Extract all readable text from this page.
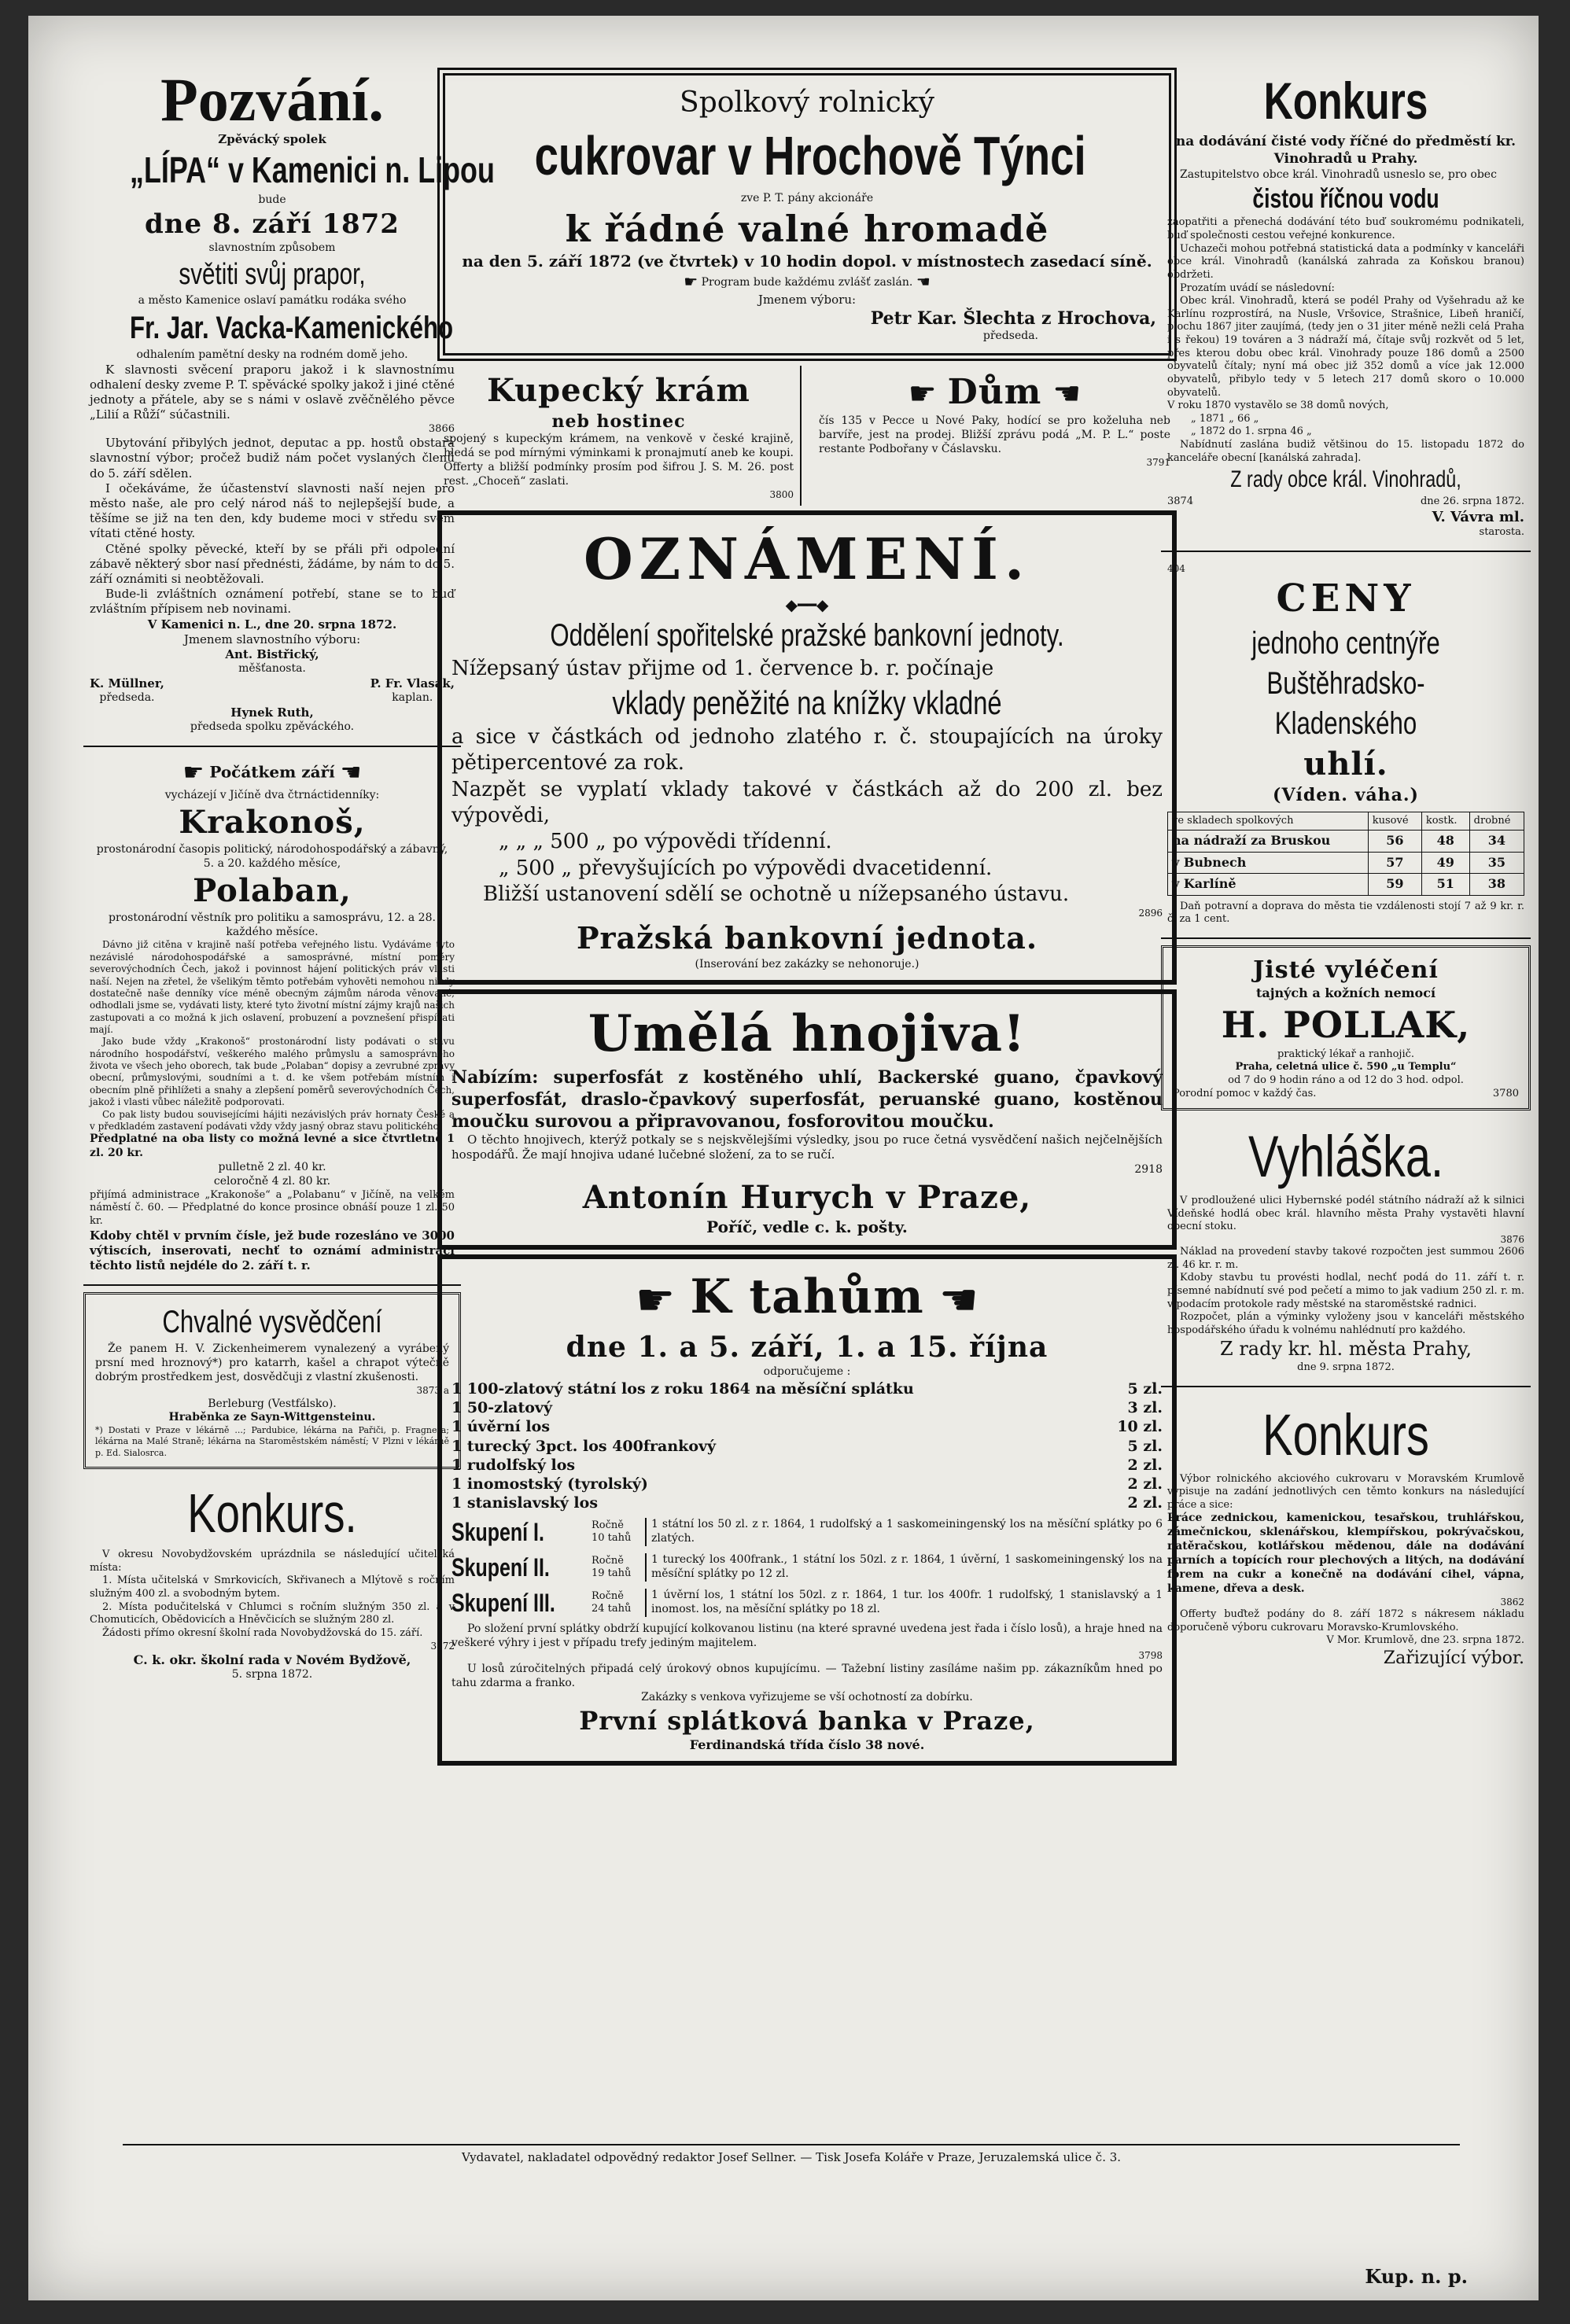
Pozvání.
Zpěvácký spolek
„LÍPA“ v Kamenici n. Lipou
bude
dne 8. září 1872
slavnostním způsobem
světiti svůj prapor,
a město Kamenice oslaví památku rodáka svého
Fr. Jar. Vacka-Kamenického
odhalením pamětní desky na rodném domě jeho.

K slavnosti svěcení praporu jakož i k slavnostnímu odhalení desky zveme P. T. spěvácké spolky jakož i jiné ctěné jednoty a přátele, aby se s námi v oslavě zvěčnělého pěvce „Lilií a Růží“ súčastnili.

3866

Ubytování přibylých jednot, deputac a pp. hostů obstará slavnostní výbor; pročež budiž nám počet vyslaných členů do 5. září sdělen.

I očekáváme, že účastenství slavnosti naší nejen pro město naše, ale pro celý národ náš to nejlepšejší bude, a těšíme se již na ten den, kdy budeme moci v středu svém vítati ctěné hosty.

Ctěné spolky pěvecké, kteří by se přáli při odpolední zábavě některý sbor nasí přednésti, žádáme, by nám to do 5. září oznámiti si neobtěžovali.

Bude-li zvláštních oznámení potřebí, stane se to buď zvláštním přípisem neb novinami.

V Kamenici n. L., dne 20. srpna 1872.
Jmenem slavnostního výboru:
Ant. Bistřický,
měšťanosta.
K. Müllner,
předseda.
P. Fr. Vlasák,
kaplan.
Hynek Ruth,
předseda spolku zpěváckého.
☛ Počátkem září ☚
vycházejí v Jičíně dva čtrnáctidenníky:
Krakonoš,
prostonárodní časopis politický, národohospodářský a zábavný, 5. a 20. každého měsíce,
Polaban,
prostonárodní věstník pro politiku a samosprávu, 12. a 28. každého měsíce.

Dávno již citěna v krajině naší potřeba veřejného listu. Vydáváme tyto nezávislé národohospodářské a samosprávné, místní poměry severovýchodních Čech, jakož i povinnost hájení politických práv vlasti naší. Nejen na zřetel, že všelikým těmto potřebám vyhověti nemohou nikdy dostatečně naše denníky více méně obecným zájmům národa věnované, odhodlali jsme se, vydávati listy, které tyto životní místní zájmy krajů našich zastupovati a co možná k jich oslavení, probuzení a povznešení přispívati mají.

Jako bude vždy „Krakonoš“ prostonárodní listy podávati o stavu národního hospodářství, veškerého malého průmyslu a samosprávného života ve všech jeho oborech, tak bude „Polaban“ dopisy a zevrubné zprávy obecní, průmyslovými, soudními a t. d. ke všem potřebám místním i obecním plně přihlížeti a snahy a zlepšení poměrů severovýchodních Čech, jakož i vlasti vůbec náležitě podporovati.

Co pak listy budou souvisejícími hájiti nezávislých práv hornaty České a v předkladém zastavení podávati vždy vždy jasný obraz stavu politického.

Předplatné na oba listy co možná levné a sice čtvrtletně 1 zl. 20 kr.

pulletně 2 zl. 40 kr.

celoročně 4 zl. 80 kr.

přijímá administrace „Krakonoše“ a „Polabanu“ v Jičíně, na velkém náměstí č. 60. — Předplatné do konce prosince obnáší pouze 1 zl. 50 kr.

Kdoby chtěl v prvním čísle, jež bude rozesláno ve 3000 výtiscích, inserovati, nechť to oznámí administraci těchto listů nejdéle do 2. září t. r.

Chvalné vysvědčení

Že panem H. V. Zickenheimerem vynalezený a vyrábený prsní med hroznový*) pro katarrh, kašel a chrapot výtečně dobrým prostředkem jest, dosvědčuji z vlastní zkušenosti.

3873 a
Berleburg (Vestfálsko).
Hraběnka ze Sayn-Wittgensteinu.

*) Dostati v Praze v lékárně ...; Pardubice, lékárna na Pařiči, p. Fragnera; lékárna na Malé Straně; lékárna na Staroměstském náměstí; V Plzni v lékárně p. Ed. Sialosrca.

Konkurs.

V okresu Novobydžovském uprázdnila se následující učitelská místa:

1. Místa učitelská v Smrkovicích, Skřivanech a Mlýtově s ročním služným 400 zl. a svobodným bytem.

2. Místa podučitelská v Chlumci s ročním služným 350 zl. a v Chomuticích, Obědovicích a Hněvčicích se služným 280 zl.

Žádosti přímo okresní školní rada Novobydžovská do 15. září.

3872
C. k. okr. školní rada v Novém Bydžově,
5. srpna 1872.
Spolkový rolnický
cukrovar v Hrochově Týnci
zve P. T. pány akcionáře
k řádné valné hromadě
na den 5. září 1872 (ve čtvrtek) v 10 hodin dopol. v místnostech zasedací síně.
☛ Program bude každému zvlášť zaslán. ☚
Jmenem výboru:
Petr Kar. Šlechta z Hrochova,
předseda.
Kupecký krám
neb hostinec

spojený s kupeckým krámem, na venkově v české krajině, hledá se pod mírnými výminkami k pronajmutí aneb ke koupi. Offerty a bližší podmínky prosím pod šifrou J. S. M. 26. post rest. „Choceň“ zaslati.

3800
☛ Dům ☚

čís 135 v Pecce u Nové Paky, hodící se pro koželuha neb barvíře, jest na prodej. Bližší zprávu podá „M. P. L.“ poste restante Podbořany v Čáslavsku.

3791
OZNÁMENÍ.
◆━━◆
Oddělení spořitelské pražské bankovní jednoty.

Nížepsaný ústav přijme od 1. července b. r. počínaje

vklady peněžité na knížky vkladné

a sice v částkách od jednoho zlatého r. č. stoupajících na úroky pětipercentové za rok.

Nazpět se vyplatí vklady takové v částkách až do 200 zl. bez výpovědi,

„ „ „ 500 „ po výpovědi třídenní.

„ 500 „ převyšujících po výpovědi dvacetidenní.

Bližší ustanovení sdělí se ochotně u nížepsaného ústavu.

2896
Pražská bankovní jednota.
(Inserování bez zakázky se nehonoruje.)
Umělá hnojiva!

Nabízím: superfosfát z kostěného uhlí, Backerské guano, čpavkový superfosfát, draslo-čpavkový superfosfát, peruanské guano, kostěnou moučku surovou a připravovanou, fosforovitou moučku.

O těchto hnojivech, kterýž potkaly se s nejskvělejšími výsledky, jsou po ruce četná vysvědčení našich nejčelnějších hospodářů. Že mají hnojiva udané lučebné složení, za to se ručí.

2918
Antonín Hurych v Praze,
Poříč, vedle c. k. pošty.
☛ K tahům ☚
dne 1. a 5. září, 1. a 15. října
odporučujeme :
1 100-zlatový státní los z roku 1864 na měsíční splátku	5 zl.
1 50-zlatový	3 zl.
1 úvěrní los	10 zl.
1 turecký 3pct. los 400frankový	5 zl.
1 rudolfský los	2 zl.
1 inomostský (tyrolský)	2 zl.
1 stanislavský los	2 zl.
Skupení I.	Ročně 10 tahů
1 státní los 50 zl. z r. 1864, 1 rudolfský a 1 saskomeiningenský los na měsíční splátky po 6 zlatých.
Skupení II.	Ročně 19 tahů
1 turecký los 400frank., 1 státní los 50zl. z r. 1864, 1 úvěrní, 1 saskomeiningenský los na měsíční splátky po 12 zl.
Skupení III.	Ročně 24 tahů
1 úvěrní los, 1 státní los 50zl. z r. 1864, 1 tur. los 400fr. 1 rudolfský, 1 stanislavský a 1 inomost. los, na měsíční splátky po 18 zl.

Po složení první splátky obdrží kupující kolkovanou listinu (na které spravné uvedena jest řada i číslo losů), a hraje hned na veškeré výhry i jest v případu trefy jediným majitelem.

3798

U losů zúročitelných připadá celý úrokový obnos kupujícímu. — Tažební listiny zasíláme našim pp. zákazníkům hned po tahu zdarma a franko.

Zakázky s venkova vyřizujeme se vší ochotností za dobírku.

První splátková banka v Praze,
Ferdinandská třída číslo 38 nové.
Konkurs
na dodávání čisté vody říčné do předměstí kr. Vinohradů u Prahy.

Zastupitelstvo obce král. Vinohradů usneslo se, pro obec

čistou říčnou vodu

zaopatřiti a přenechá dodávání této buď soukromému podnikateli, buď společnosti cestou veřejné konkurence.

Uchazeči mohou potřebná statistická data a podmínky v kanceláři obce král. Vinohradů (kanálská zahrada za Koňskou branou) obdržeti.

Prozatím uvádí se následovní:

Obec král. Vinohradů, která se podél Prahy od Vyšehradu až ke Karlínu rozprostírá, na Nusle, Vršovice, Strašnice, Libeň hraničí, plochu 1867 jiter zaujímá, (tedy jen o 31 jiter méně nežli celá Praha i s řekou) 19 továren a 3 nádraží má, čítaje svůj rozkvět od 5 let, přes kterou dobu obec král. Vinohrady pouze 186 domů a 2500 obyvatelů čítaly; nyní má obec již 352 domů a více jak 12.000 obyvatelů, přibylo tedy v 5 letech 217 domů skoro o 10.000 obyvatelů.

V roku 1870 vystavělo se 38 domů nových,

„ 1871 „ 66 „

„ 1872 do 1. srpna 46 „

Nabídnutí zaslána budiž většinou do 15. listopadu 1872 do kanceláře obecní [kanálská zahrada].

Z rady obce král. Vinohradů,
3874	dne 26. srpna 1872.
V. Vávra ml.
starosta.
404
CENY
jednoho centnýře Buštěhradsko-Kladenského
uhlí.
(Víden. váha.)
ve skladech spolkových	kusové	kostk.	drobné
na nádraží za Bruskou	56	48	34
v Bubnech	57	49	35
v Karlíně	59	51	38

Daň potravní a doprava do města tie vzdálenosti stojí 7 až 9 kr. r. č. za 1 cent.

Jisté vyléčení
tajných a kožních nemocí
H. POLLAK,
praktický lékař a ranhojič.
Praha, celetná ulice č. 590 „u Templu“
od 7 do 9 hodin ráno a od 12 do 3 hod. odpol.
Porodní pomoc v každý čas.	3780
Vyhláška.

V prodloužené ulici Hybernské podél státního nádraží až k silnici Vídeňské hodlá obec král. hlavního města Prahy vystavěti hlavní obecní stoku.

3876

Náklad na provedení stavby takové rozpočten jest summou 2606 zl. 46 kr. r. m.

Kdoby stavbu tu provésti hodlal, nechť podá do 11. září t. r. písemné nabídnutí své pod pečetí a mimo to jak vadium 250 zl. r. m. v podacím protokole rady městské na staroměstské radnici.

Rozpočet, plán a výminky vyloženy jsou v kanceláři městského hospodářského úřadu k volnému nahlédnutí pro každého.

Z rady kr. hl. města Prahy,
dne 9. srpna 1872.
Konkurs

Výbor rolnického akciového cukrovaru v Moravském Krumlově vypisuje na zadání jednotlivých cen těmto konkurs na následující práce a sice:

Práce zednickou, kamenickou, tesařskou, truhlářskou, zámečnickou, sklenářskou, klempířskou, pokrývačskou, natěračskou, kotlářskou mědenou, dále na dodávání parních a topících rour plechových a litých, na dodávání forem na cukr a konečně na dodávání cihel, vápna, kamene, dřeva a desk.

3862

Offerty buďtež podány do 8. září 1872 s nákresem nákladu doporučeně výboru cukrovaru Moravsko-Krumlovského.

V Mor. Krumlově, dne 23. srpna 1872.
Zařizující výbor.
Vydavatel, nakladatel odpovědný redaktor Josef Sellner. — Tisk Josefa Koláře v Praze, Jeruzalemská ulice č. 3.
Kup. n. p.
